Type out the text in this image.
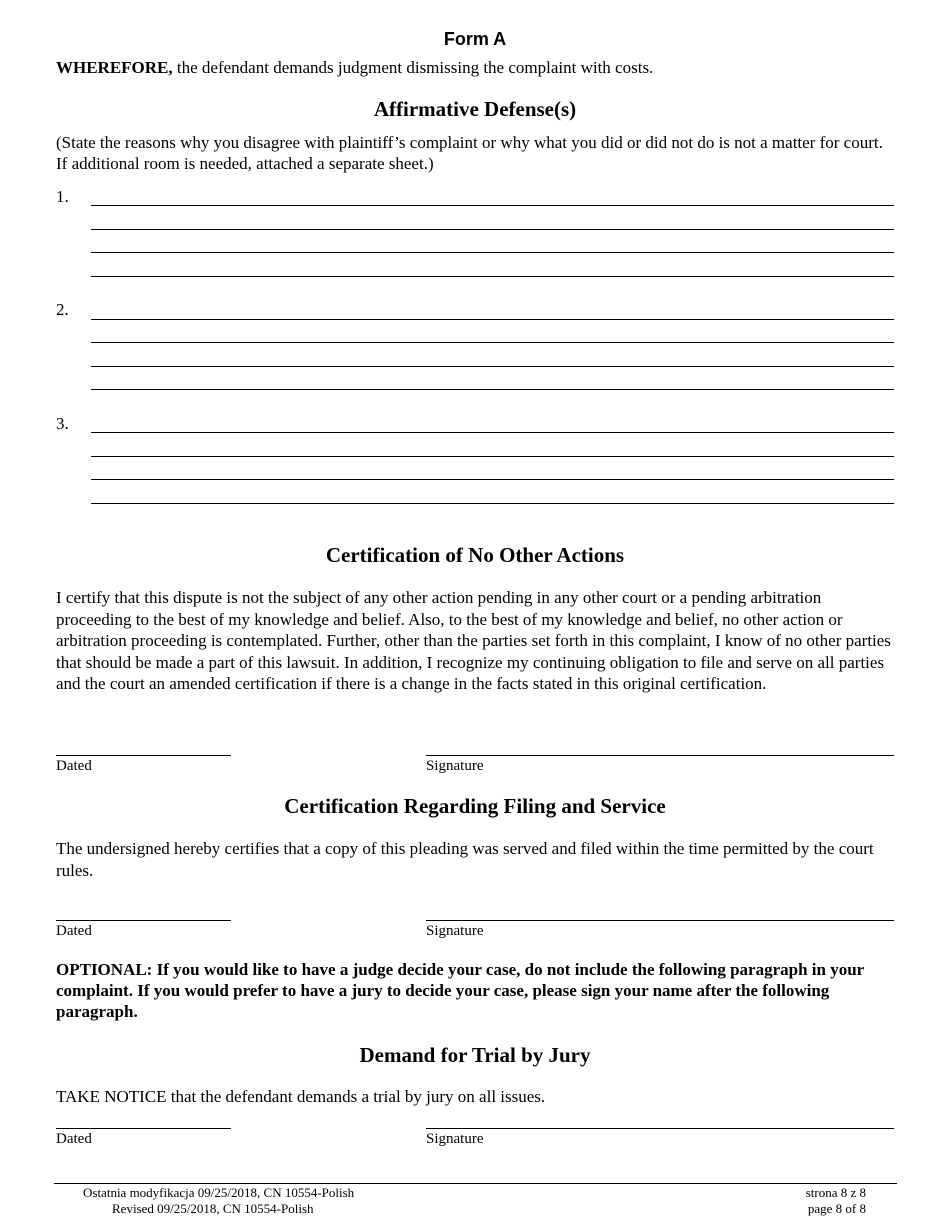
Form A
WHEREFORE, the defendant demands judgment dismissing the complaint with costs.
Affirmative Defense(s)
(State the reasons why you disagree with plaintiff’s complaint or why what you did or did not do is not a matter for court. If additional room is needed, attached a separate sheet.)
1.
2.
3.
Certification of No Other Actions
I certify that this dispute is not the subject of any other action pending in any other court or a pending arbitration proceeding to the best of my knowledge and belief. Also, to the best of my knowledge and belief, no other action or arbitration proceeding is contemplated. Further, other than the parties set forth in this complaint, I know of no other parties that should be made a part of this lawsuit. In addition, I recognize my continuing obligation to file and serve on all parties and the court an amended certification if there is a change in the facts stated in this original certification.
Dated	Signature
Certification Regarding Filing and Service
The undersigned hereby certifies that a copy of this pleading was served and filed within the time permitted by the court rules.
Dated	Signature
OPTIONAL: If you would like to have a judge decide your case, do not include the following paragraph in your complaint. If you would prefer to have a jury to decide your case, please sign your name after the following paragraph.
Demand for Trial by Jury
TAKE NOTICE that the defendant demands a trial by jury on all issues.
Dated	Signature
Ostatnia modyfikacja 09/25/2018, CN 10554-Polish
Revised 09/25/2018, CN 10554-Polish
strona 8 z 8
page 8 of 8
